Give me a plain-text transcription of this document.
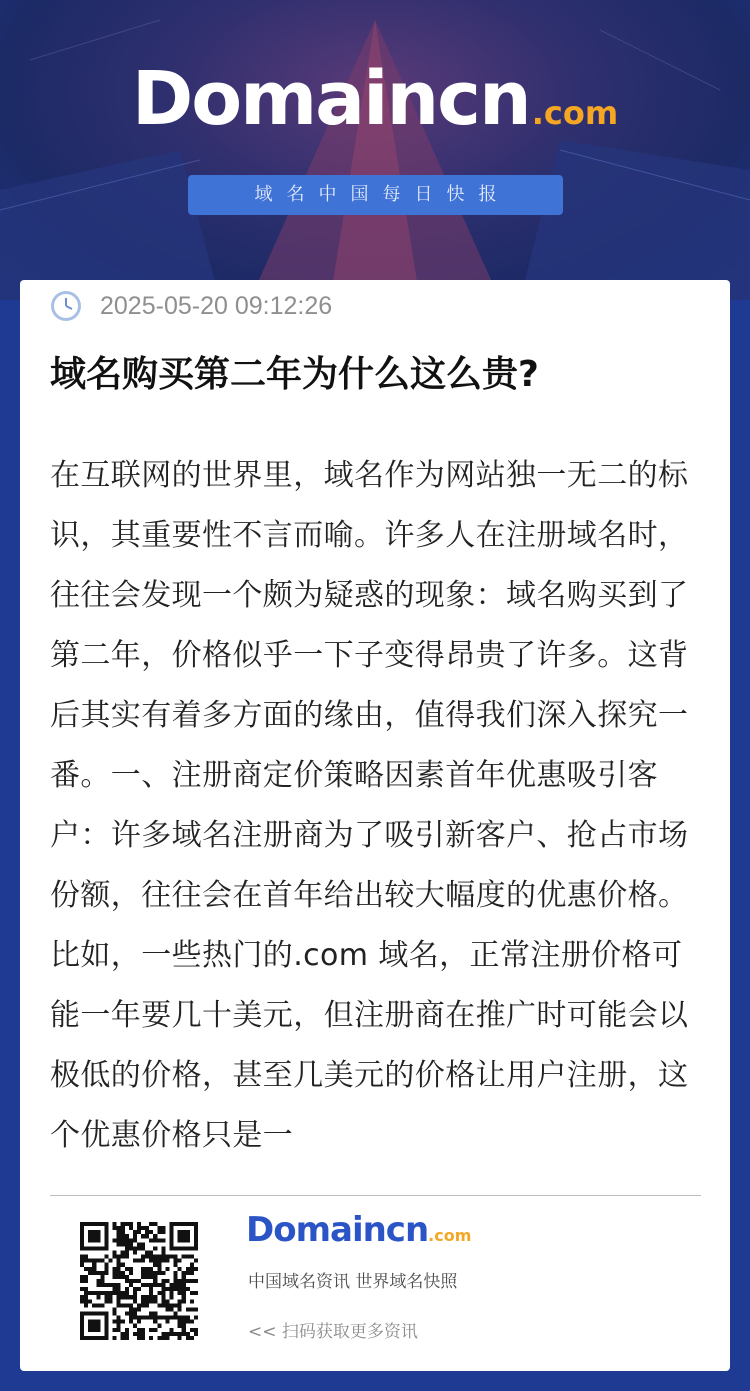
Domaincn.com
域名中国每日快报
2025-05-20 09:12:26
域名购买第二年为什么这么贵?

在互联网的世界里，域名作为网站独一无二的标识，其重要性不言而喻。许多人在注册域名时，往往会发现一个颇为疑惑的现象：域名购买到了第二年，价格似乎一下子变得昂贵了许多。这背后其实有着多方面的缘由，值得我们深入探究一番。一、注册商定价策略因素首年优惠吸引客户：许多域名注册商为了吸引新客户、抢占市场份额，往往会在首年给出较大幅度的优惠价格。比如，一些热门的.com 域名，正常注册价格可能一年要几十美元，但注册商在推广时可能会以极低的价格，甚至几美元的价格让用户注册，这个优惠价格只是一

Domaincn.com
中国域名资讯 世界域名快照
<< 扫码获取更多资讯
